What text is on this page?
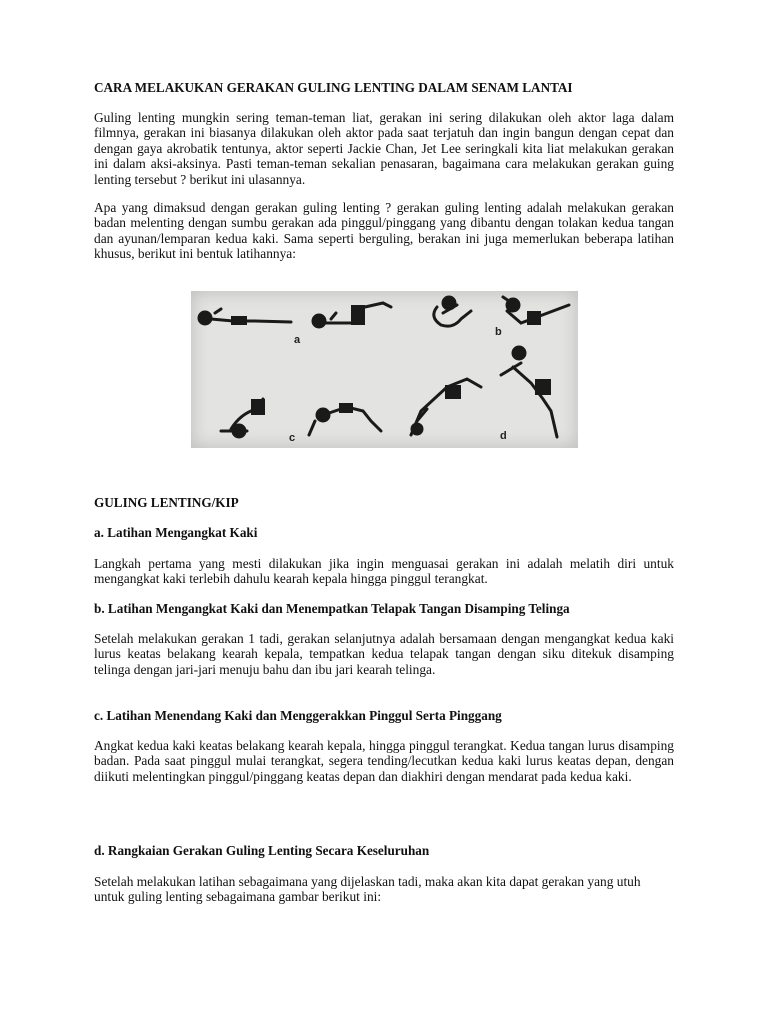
CARA MELAKUKAN GERAKAN GULING LENTING DALAM SENAM LANTAI

Guling lenting mungkin sering teman-teman liat, gerakan ini sering dilakukan oleh aktor laga dalam filmnya, gerakan ini biasanya dilakukan oleh aktor pada saat terjatuh dan ingin bangun dengan cepat dan dengan gaya akrobatik tentunya, aktor seperti Jackie Chan, Jet Lee seringkali kita liat melakukan gerakan ini dalam aksi-aksinya. Pasti teman-teman sekalian penasaran, bagaimana cara melakukan gerakan guing lenting tersebut ? berikut ini ulasannya.

Apa yang dimaksud dengan gerakan guling lenting ? gerakan guling lenting adalah melakukan gerakan badan melenting dengan sumbu gerakan ada pinggul/pinggang yang dibantu dengan tolakan kedua tangan dan ayunan/lemparan kedua kaki. Sama seperti berguling, berakan ini juga memerlukan beberapa latihan khusus, berikut ini bentuk latihannya:

a
b
c	d

GULING LENTING/KIP

a. Latihan Mengangkat Kaki

Langkah pertama yang mesti dilakukan jika ingin menguasai gerakan ini adalah melatih diri untuk mengangkat kaki terlebih dahulu kearah kepala hingga pinggul terangkat.

b. Latihan Mengangkat Kaki dan Menempatkan Telapak Tangan Disamping Telinga

Setelah melakukan gerakan 1 tadi, gerakan selanjutnya adalah bersamaan dengan mengangkat kedua kaki lurus keatas belakang kearah kepala, tempatkan kedua telapak tangan dengan siku ditekuk disamping telinga dengan jari-jari menuju bahu dan ibu jari kearah telinga.

c. Latihan Menendang Kaki dan Menggerakkan Pinggul Serta Pinggang

Angkat kedua kaki keatas belakang kearah kepala, hingga pinggul terangkat. Kedua tangan lurus disamping badan. Pada saat pinggul mulai terangkat, segera tending/lecutkan kedua kaki lurus keatas depan, dengan diikuti melentingkan pinggul/pinggang keatas depan dan diakhiri dengan mendarat pada kedua kaki.

d. Rangkaian Gerakan Guling Lenting Secara Keseluruhan

Setelah melakukan latihan sebagaimana yang dijelaskan tadi, maka akan kita dapat gerakan yang utuh untuk guling lenting sebagaimana gambar berikut ini:
